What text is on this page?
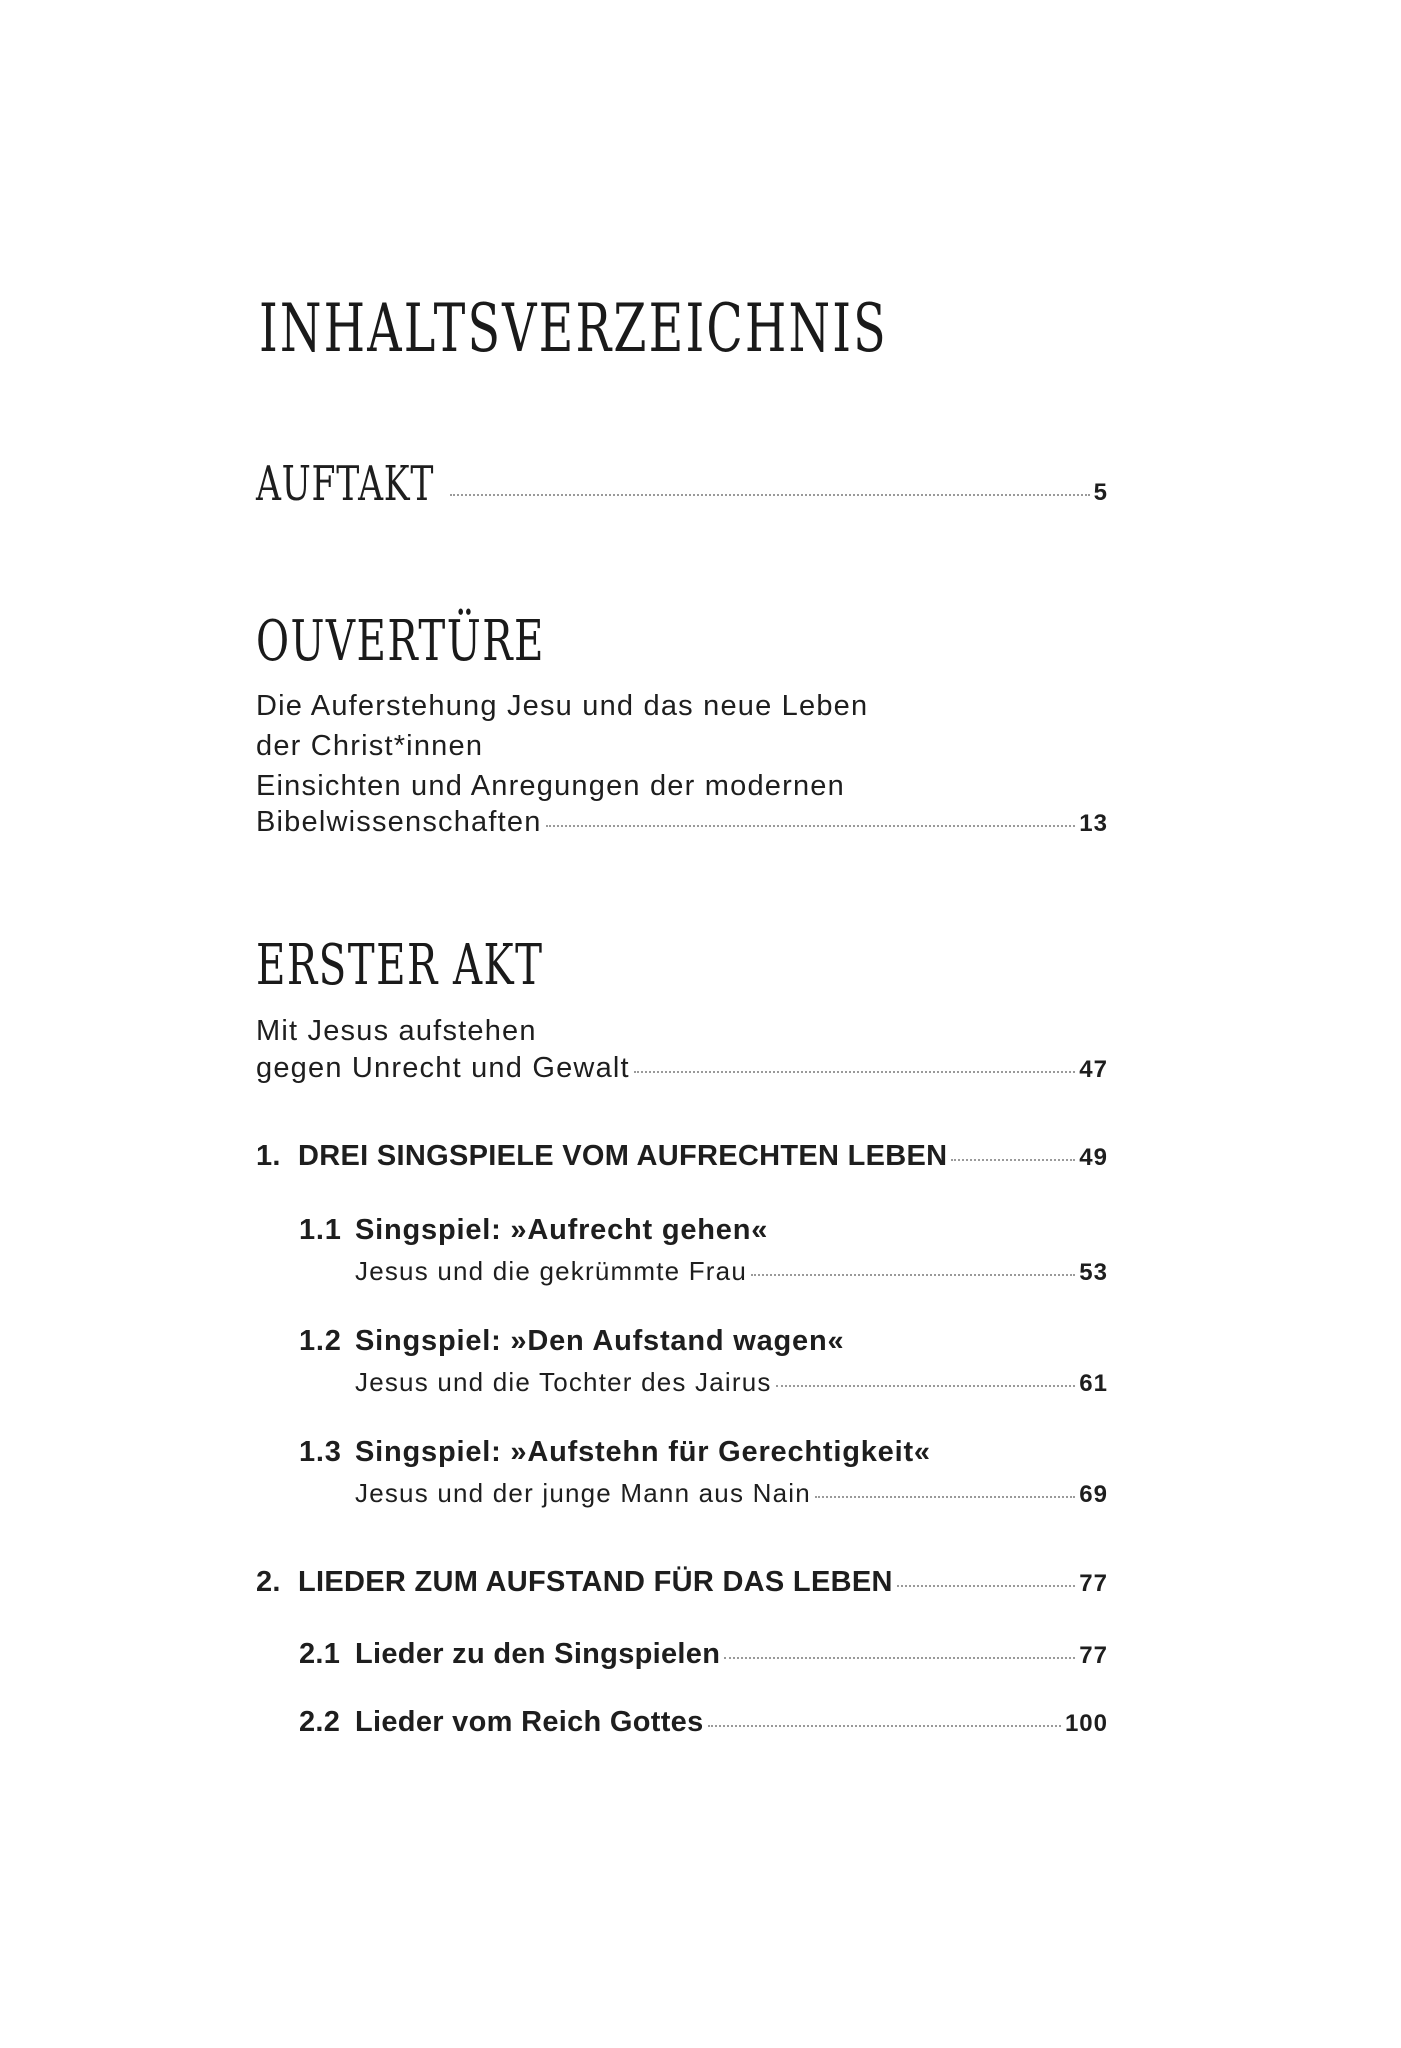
INHALTSVERZEICHNIS
AUFTAKT	5
OUVERTÜRE
Die Auferstehung Jesu und das neue Leben
der Christ*innen
Einsichten und Anregungen der modernen
Bibelwissenschaften	13
ERSTER AKT
Mit Jesus aufstehen
gegen Unrecht und Gewalt	47
1. DREI SINGSPIELE VOM AUFRECHTEN LEBEN	49
1.1 Singspiel: »Aufrecht gehen«
Jesus und die gekrümmte Frau	53
1.2 Singspiel: »Den Aufstand wagen«
Jesus und die Tochter des Jairus	61
1.3 Singspiel: »Aufstehn für Gerechtigkeit«
Jesus und der junge Mann aus Nain	69
2. LIEDER ZUM AUFSTAND FÜR DAS LEBEN	77
2.1 Lieder zu den Singspielen	77
2.2 Lieder vom Reich Gottes	100
